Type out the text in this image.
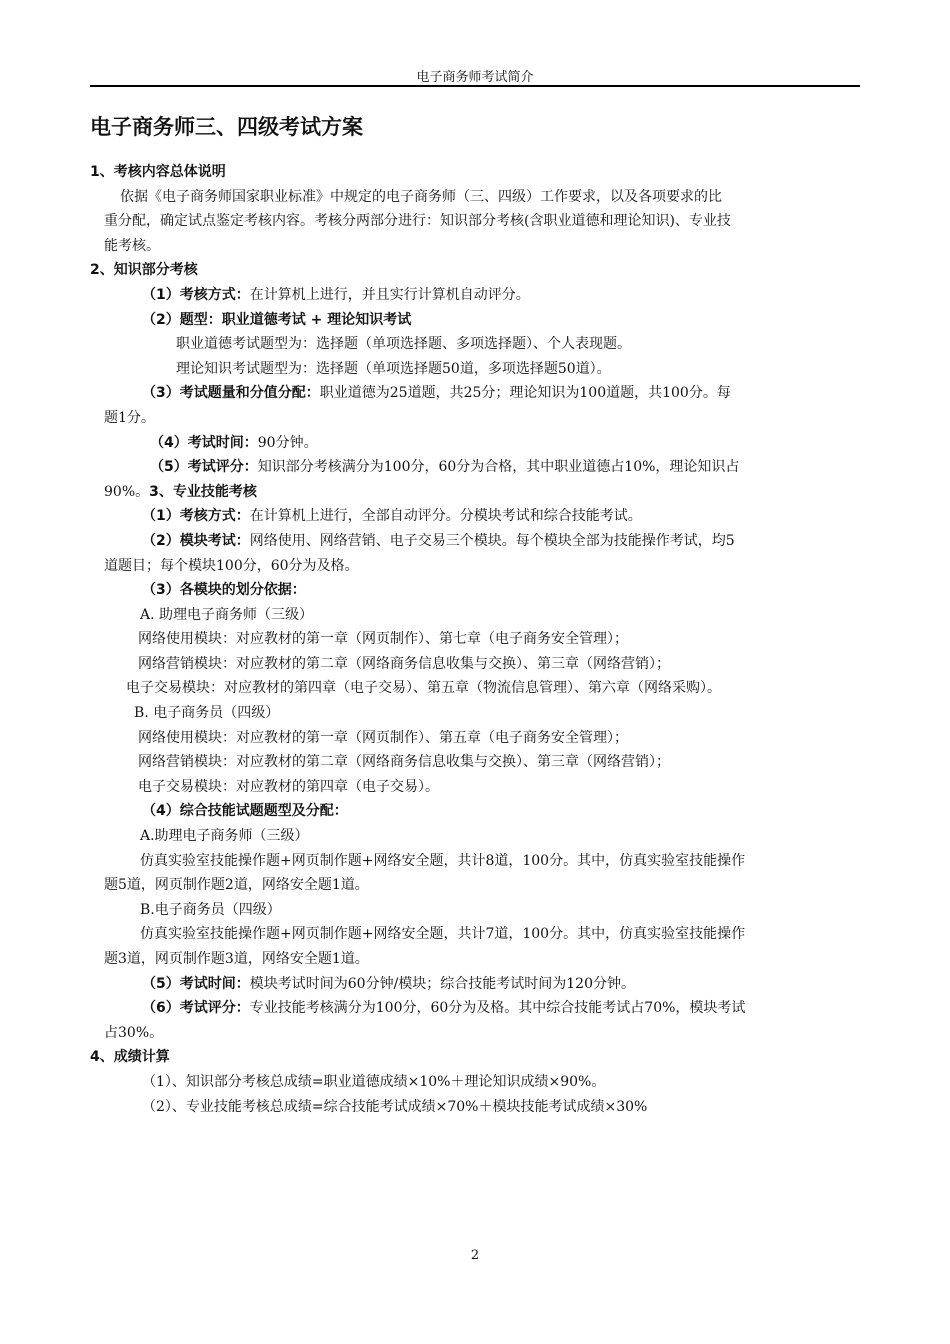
电子商务师考试简介
电子商务师三、四级考试方案
1、考核内容总体说明
依据《电子商务师国家职业标准》中规定的电子商务师（三、四级）工作要求，以及各项要求的比
重分配，确定试点鉴定考核内容。考核分两部分进行：知识部分考核(含职业道德和理论知识)、专业技
能考核。
2、知识部分考核
（1）考核方式：在计算机上进行，并且实行计算机自动评分。
（2）题型：职业道德考试 + 理论知识考试
职业道德考试题型为：选择题（单项选择题、多项选择题）、个人表现题。
理论知识考试题型为：选择题（单项选择题50道，多项选择题50道）。
（3）考试题量和分值分配：职业道德为25道题，共25分；理论知识为100道题，共100分。每
题1分。
（4）考试时间：90分钟。
（5）考试评分：知识部分考核满分为100分，60分为合格，其中职业道德占10%，理论知识占
90%。3、专业技能考核
（1）考核方式：在计算机上进行，全部自动评分。分模块考试和综合技能考试。
（2）模块考试：网络使用、网络营销、电子交易三个模块。每个模块全部为技能操作考试，均5
道题目；每个模块100分，60分为及格。
（3）各模块的划分依据：
A. 助理电子商务师（三级）
网络使用模块：对应教材的第一章（网页制作）、第七章（电子商务安全管理）；
网络营销模块：对应教材的第二章（网络商务信息收集与交换）、第三章（网络营销）；
电子交易模块：对应教材的第四章（电子交易）、第五章（物流信息管理）、第六章（网络采购）。
B. 电子商务员（四级）
网络使用模块：对应教材的第一章（网页制作）、第五章（电子商务安全管理）；
网络营销模块：对应教材的第二章（网络商务信息收集与交换）、第三章（网络营销）；
电子交易模块：对应教材的第四章（电子交易）。
（4）综合技能试题题型及分配：
A.助理电子商务师（三级）
仿真实验室技能操作题+网页制作题+网络安全题，共计8道，100分。其中，仿真实验室技能操作
题5道，网页制作题2道，网络安全题1道。
B.电子商务员（四级）
仿真实验室技能操作题+网页制作题+网络安全题，共计7道，100分。其中，仿真实验室技能操作
题3道，网页制作题3道，网络安全题1道。
（5）考试时间：模块考试时间为60分钟/模块；综合技能考试时间为120分钟。
（6）考试评分：专业技能考核满分为100分，60分为及格。其中综合技能考试占70%，模块考试
占30%。
4、成绩计算
（1）、知识部分考核总成绩=职业道德成绩×10%＋理论知识成绩×90%。
（2）、专业技能考核总成绩=综合技能考试成绩×70%＋模块技能考试成绩×30%
2
